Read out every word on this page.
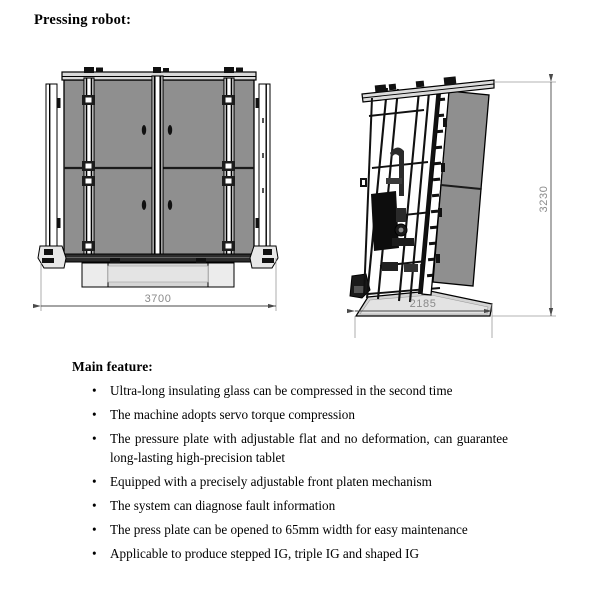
Pressing robot:
3700	2185
3230
Main feature:
• Ultra-long insulating glass can be compressed in the second time
• The machine adopts servo torque compression
• The pressure plate with adjustable flat and no deformation, can guarantee long-lasting high-precision tablet
• Equipped with a precisely adjustable front platen mechanism
• The system can diagnose fault information
• The press plate can be opened to 65mm width for easy maintenance
• Applicable to produce stepped IG, triple IG and shaped IG
